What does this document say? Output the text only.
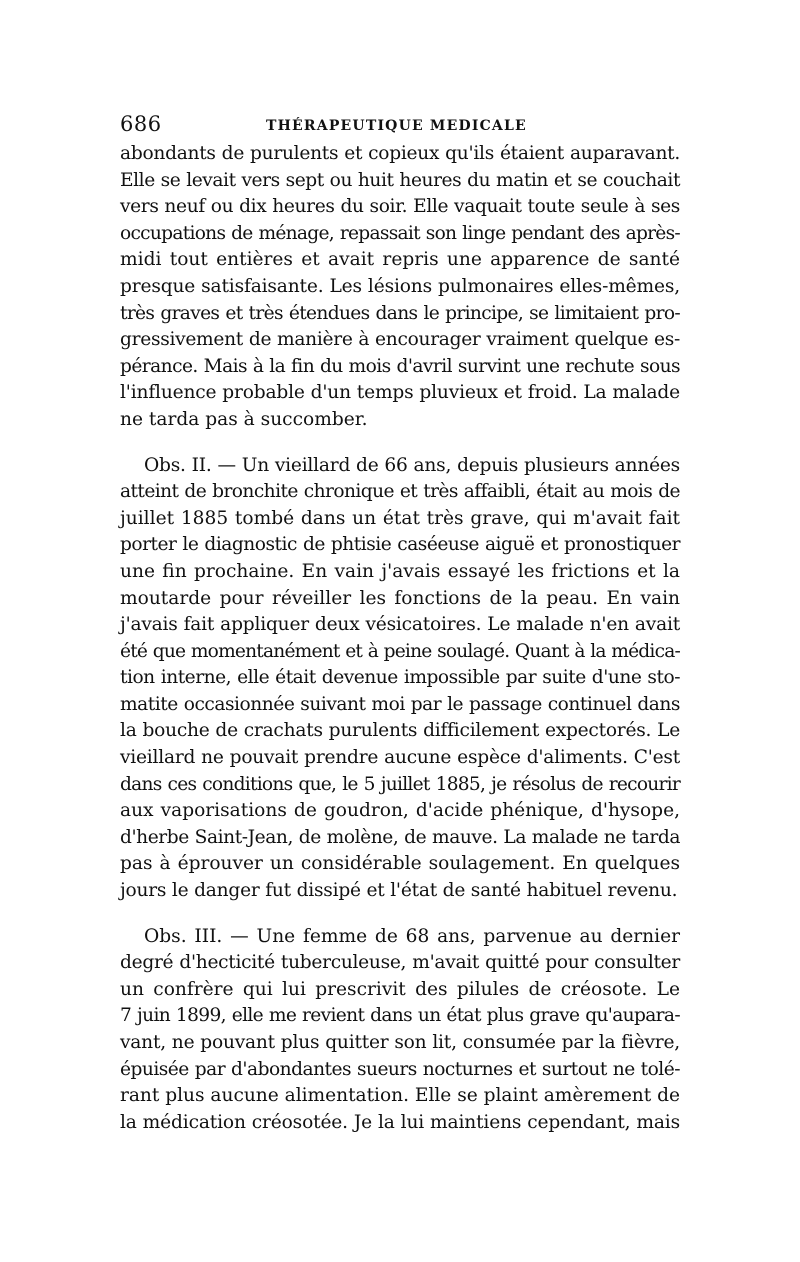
686	THÉRAPEUTIQUE MEDICALE

abondants de purulents et copieux qu'ils étaient auparavant.
Elle se levait vers sept ou huit heures du matin et se couchait
vers neuf ou dix heures du soir. Elle vaquait toute seule à ses
occupations de ménage, repassait son linge pendant des après-
midi tout entières et avait repris une apparence de santé
presque satisfaisante. Les lésions pulmonaires elles-mêmes,
très graves et très étendues dans le principe, se limitaient pro-
gressivement de manière à encourager vraiment quelque es-
pérance. Mais à la fin du mois d'avril survint une rechute sous
l'influence probable d'un temps pluvieux et froid. La malade
ne tarda pas à succomber.

Obs. II. — Un vieillard de 66 ans, depuis plusieurs années
atteint de bronchite chronique et très affaibli, était au mois de
juillet 1885 tombé dans un état très grave, qui m'avait fait
porter le diagnostic de phtisie caséeuse aiguë et pronostiquer
une fin prochaine. En vain j'avais essayé les frictions et la
moutarde pour réveiller les fonctions de la peau. En vain
j'avais fait appliquer deux vésicatoires. Le malade n'en avait
été que momentanément et à peine soulagé. Quant à la médica-
tion interne, elle était devenue impossible par suite d'une sto-
matite occasionnée suivant moi par le passage continuel dans
la bouche de crachats purulents difficilement expectorés. Le
vieillard ne pouvait prendre aucune espèce d'aliments. C'est
dans ces conditions que, le 5 juillet 1885, je résolus de recourir
aux vaporisations de goudron, d'acide phénique, d'hysope,
d'herbe Saint-Jean, de molène, de mauve. La malade ne tarda
pas à éprouver un considérable soulagement. En quelques
jours le danger fut dissipé et l'état de santé habituel revenu.

Obs. III. — Une femme de 68 ans, parvenue au dernier
degré d'hecticité tuberculeuse, m'avait quitté pour consulter
un confrère qui lui prescrivit des pilules de créosote. Le
7 juin 1899, elle me revient dans un état plus grave qu'aupara-
vant, ne pouvant plus quitter son lit, consumée par la fièvre,
épuisée par d'abondantes sueurs nocturnes et surtout ne tolé-
rant plus aucune alimentation. Elle se plaint amèrement de
la médication créosotée. Je la lui maintiens cependant, mais
